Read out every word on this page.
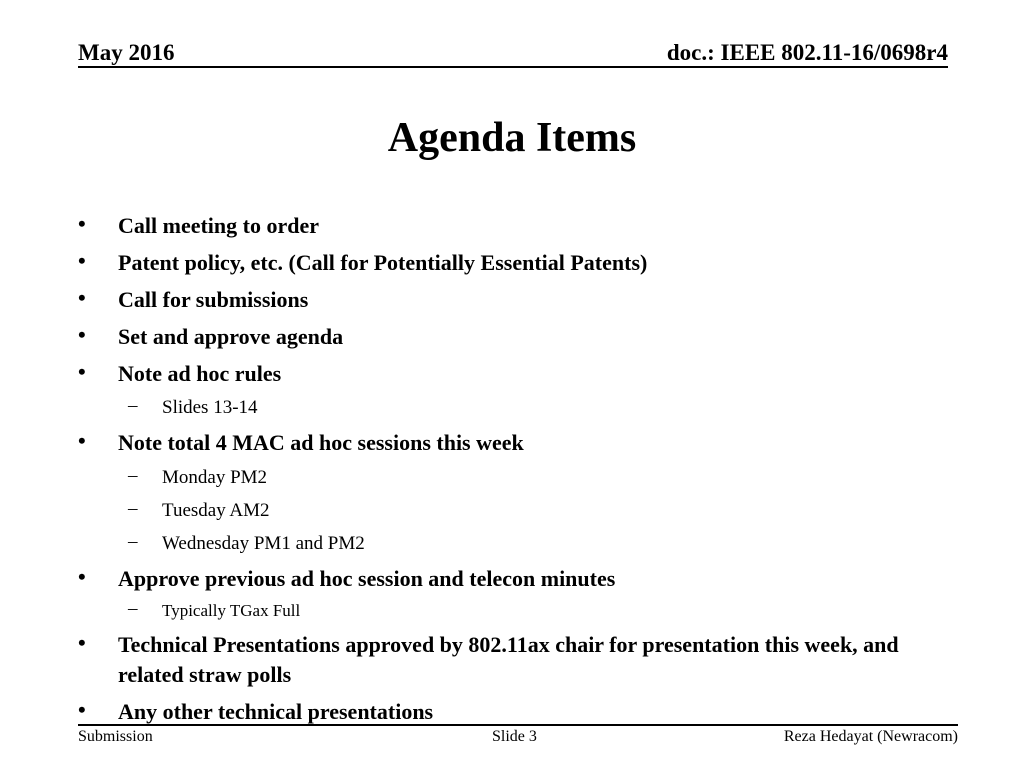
May 2016	doc.: IEEE 802.11-16/0698r4
Agenda Items
• Call meeting to order
• Patent policy, etc. (Call for Potentially Essential Patents)
• Call for submissions
• Set and approve agenda
• Note ad hoc rules
– Slides 13-14
• Note total 4 MAC ad hoc sessions this week
– Monday PM2
– Tuesday AM2
– Wednesday PM1 and PM2
• Approve previous ad hoc session and telecon minutes
– Typically TGax Full
• Technical Presentations approved by 802.11ax chair for presentation this week, and related straw polls
• Any other technical presentations
Submission	Slide 3	Reza Hedayat (Newracom)
